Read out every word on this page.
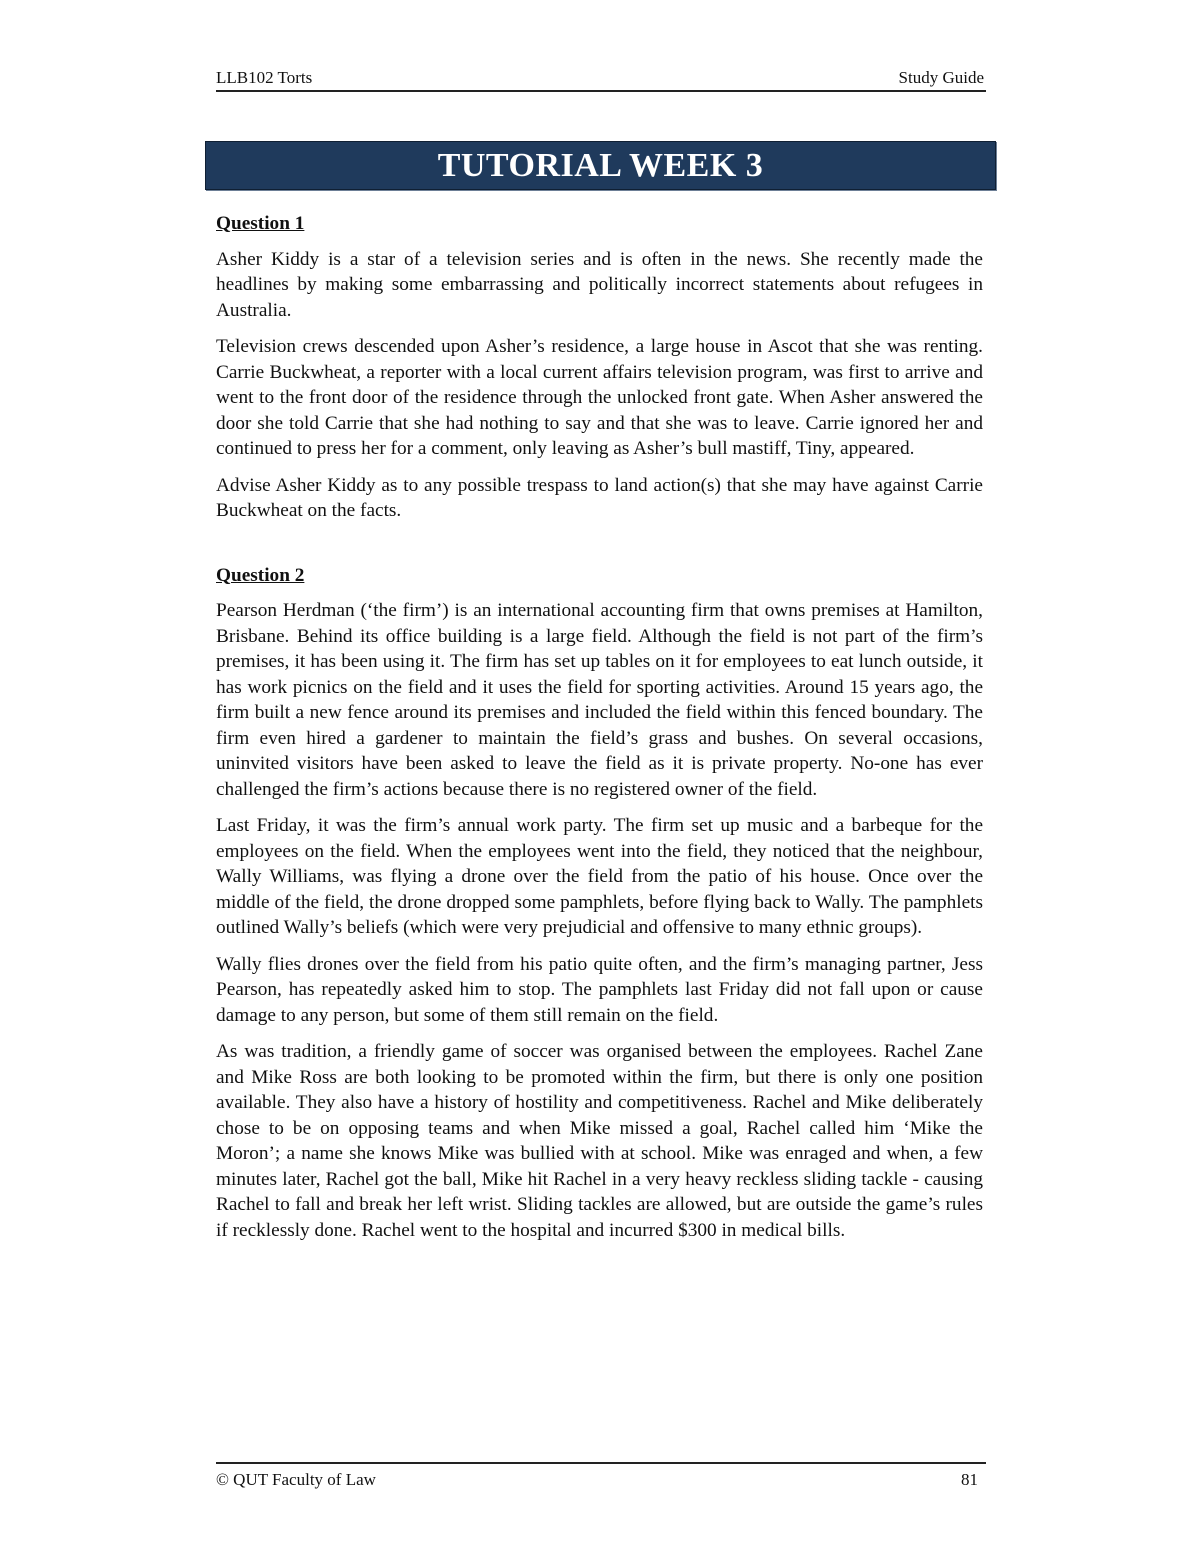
LLB102 Torts	Study Guide
TUTORIAL WEEK 3
Question 1

Asher Kiddy is a star of a television series and is often in the news. She recently made the headlines by making some embarrassing and politically incorrect statements about refugees in Australia.

Television crews descended upon Asher’s residence, a large house in Ascot that she was renting. Carrie Buckwheat, a reporter with a local current affairs television program, was first to arrive and went to the front door of the residence through the unlocked front gate. When Asher answered the door she told Carrie that she had nothing to say and that she was to leave. Carrie ignored her and continued to press her for a comment, only leaving as Asher’s bull mastiff, Tiny, appeared.

Advise Asher Kiddy as to any possible trespass to land action(s) that she may have against Carrie Buckwheat on the facts.

Question 2

Pearson Herdman (‘the firm’) is an international accounting firm that owns premises at Hamilton, Brisbane. Behind its office building is a large field. Although the field is not part of the firm’s premises, it has been using it. The firm has set up tables on it for employees to eat lunch outside, it has work picnics on the field and it uses the field for sporting activities. Around 15 years ago, the firm built a new fence around its premises and included the field within this fenced boundary. The firm even hired a gardener to maintain the field’s grass and bushes. On several occasions, uninvited visitors have been asked to leave the field as it is private property. No-one has ever challenged the firm’s actions because there is no registered owner of the field.

Last Friday, it was the firm’s annual work party. The firm set up music and a barbeque for the employees on the field. When the employees went into the field, they noticed that the neighbour, Wally Williams, was flying a drone over the field from the patio of his house. Once over the middle of the field, the drone dropped some pamphlets, before flying back to Wally. The pamphlets outlined Wally’s beliefs (which were very prejudicial and offensive to many ethnic groups).

Wally flies drones over the field from his patio quite often, and the firm’s managing partner, Jess Pearson, has repeatedly asked him to stop. The pamphlets last Friday did not fall upon or cause damage to any person, but some of them still remain on the field.

As was tradition, a friendly game of soccer was organised between the employees. Rachel Zane and Mike Ross are both looking to be promoted within the firm, but there is only one position available. They also have a history of hostility and competitiveness. Rachel and Mike deliberately chose to be on opposing teams and when Mike missed a goal, Rachel called him ‘Mike the Moron’; a name she knows Mike was bullied with at school. Mike was enraged and when, a few minutes later, Rachel got the ball, Mike hit Rachel in a very heavy reckless sliding tackle - causing Rachel to fall and break her left wrist. Sliding tackles are allowed, but are outside the game’s rules if recklessly done. Rachel went to the hospital and incurred $300 in medical bills.

© QUT Faculty of Law	81
